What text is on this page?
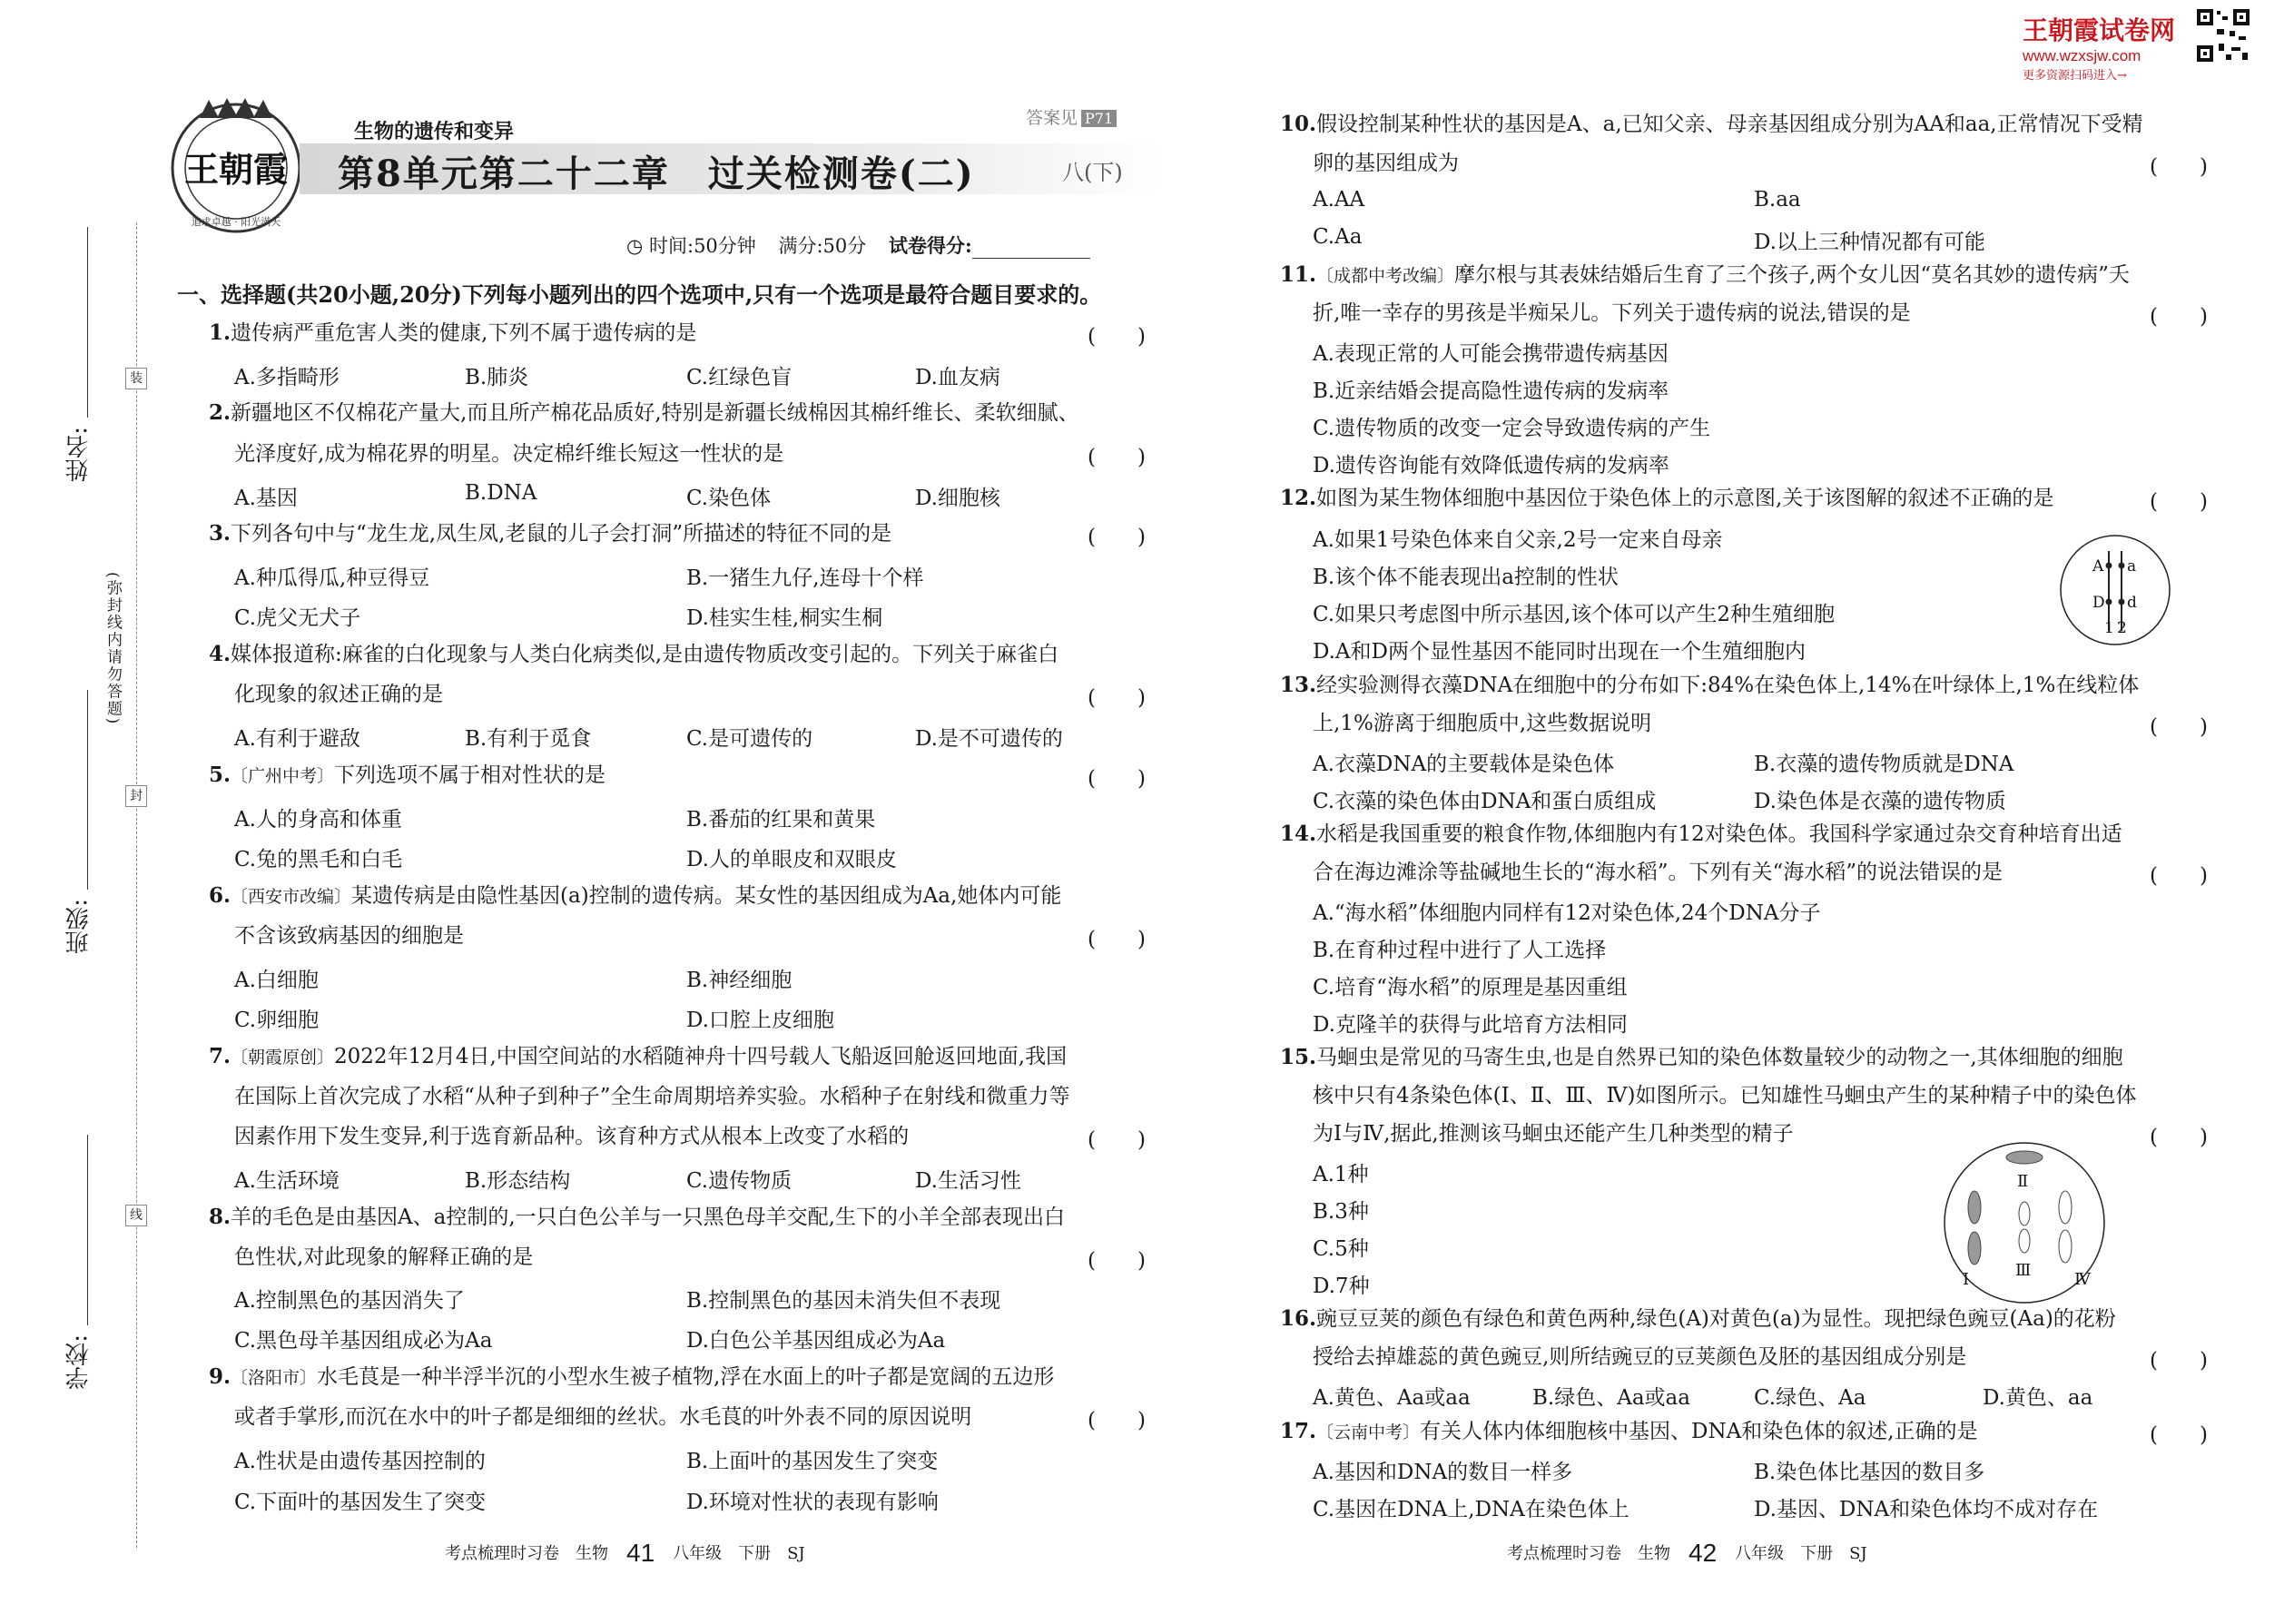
姓名:
班级:
学校:
(弥封线内请勿答题)
装
封
线
王朝霞
追求卓越 · 阳光满天
生物的遗传和变异
第8单元第二十二章　过关检测卷(二)
答案见 P71
八(下)
◷ 时间:50分钟 满分:50分 试卷得分:
一、选择题(共20小题,20分)下列每小题列出的四个选项中,只有一个选项是最符合题目要求的。
1.遗传病严重危害人类的健康,下列不属于遗传病的是	(　　)
A.多指畸形	B.肺炎	C.红绿色盲	D.血友病
2.新疆地区不仅棉花产量大,而且所产棉花品质好,特别是新疆长绒棉因其棉纤维长、柔软细腻、
光泽度好,成为棉花界的明星。决定棉纤维长短这一性状的是	(　　)
A.基因	B.DNA	C.染色体	D.细胞核
3.下列各句中与“龙生龙,凤生凤,老鼠的儿子会打洞”所描述的特征不同的是	(　　)
A.种瓜得瓜,种豆得豆	B.一猪生九仔,连母十个样
C.虎父无犬子	D.桂实生桂,桐实生桐
4.媒体报道称:麻雀的白化现象与人类白化病类似,是由遗传物质改变引起的。下列关于麻雀白
化现象的叙述正确的是	(　　)
A.有利于避敌	B.有利于觅食	C.是可遗传的	D.是不可遗传的
5.〔广州中考〕下列选项不属于相对性状的是	(　　)
A.人的身高和体重	B.番茄的红果和黄果
C.兔的黑毛和白毛	D.人的单眼皮和双眼皮
6.〔西安市改编〕某遗传病是由隐性基因(a)控制的遗传病。某女性的基因组成为Aa,她体内可能
不含该致病基因的细胞是	(　　)
A.白细胞	B.神经细胞
C.卵细胞	D.口腔上皮细胞
7.〔朝霞原创〕2022年12月4日,中国空间站的水稻随神舟十四号载人飞船返回舱返回地面,我国
在国际上首次完成了水稻“从种子到种子”全生命周期培养实验。水稻种子在射线和微重力等
因素作用下发生变异,利于选育新品种。该育种方式从根本上改变了水稻的	(　　)
A.生活环境	B.形态结构	C.遗传物质	D.生活习性
8.羊的毛色是由基因A、a控制的,一只白色公羊与一只黑色母羊交配,生下的小羊全部表现出白
色性状,对此现象的解释正确的是	(　　)
A.控制黑色的基因消失了	B.控制黑色的基因未消失但不表现
C.黑色母羊基因组成必为Aa	D.白色公羊基因组成必为Aa
9.〔洛阳市〕水毛茛是一种半浮半沉的小型水生被子植物,浮在水面上的叶子都是宽阔的五边形
或者手掌形,而沉在水中的叶子都是细细的丝状。水毛茛的叶外表不同的原因说明	(　　)
A.性状是由遗传基因控制的	B.上面叶的基因发生了突变
C.下面叶的基因发生了突变	D.环境对性状的表现有影响
考点梳理时习卷　生物 41 八年级　下册　SJ
王朝霞试卷网
www.wzxsjw.com
更多资源扫码进入→
10.假设控制某种性状的基因是A、a,已知父亲、母亲基因组成分别为AA和aa,正常情况下受精
卵的基因组成为	(　　)
A.AA	B.aa
C.Aa	D.以上三种情况都有可能
11.〔成都中考改编〕摩尔根与其表妹结婚后生育了三个孩子,两个女儿因“莫名其妙的遗传病”夭
折,唯一幸存的男孩是半痴呆儿。下列关于遗传病的说法,错误的是	(　　)
A.表现正常的人可能会携带遗传病基因
B.近亲结婚会提高隐性遗传病的发病率
C.遗传物质的改变一定会导致遗传病的产生
D.遗传咨询能有效降低遗传病的发病率
12.如图为某生物体细胞中基因位于染色体上的示意图,关于该图解的叙述不正确的是	(　　)
A.如果1号染色体来自父亲,2号一定来自母亲
B.该个体不能表现出a控制的性状
C.如果只考虑图中所示基因,该个体可以产生2种生殖细胞
D.A和D两个显性基因不能同时出现在一个生殖细胞内
A a
D d
1 2
13.经实验测得衣藻DNA在细胞中的分布如下:84%在染色体上,14%在叶绿体上,1%在线粒体
上,1%游离于细胞质中,这些数据说明	(　　)
A.衣藻DNA的主要载体是染色体	B.衣藻的遗传物质就是DNA
C.衣藻的染色体由DNA和蛋白质组成	D.染色体是衣藻的遗传物质
14.水稻是我国重要的粮食作物,体细胞内有12对染色体。我国科学家通过杂交育种培育出适
合在海边滩涂等盐碱地生长的“海水稻”。下列有关“海水稻”的说法错误的是	(　　)
A.“海水稻”体细胞内同样有12对染色体,24个DNA分子
B.在育种过程中进行了人工选择
C.培育“海水稻”的原理是基因重组
D.克隆羊的获得与此培育方法相同
15.马蛔虫是常见的马寄生虫,也是自然界已知的染色体数量较少的动物之一,其体细胞的细胞
核中只有4条染色体(Ⅰ、Ⅱ、Ⅲ、Ⅳ)如图所示。已知雄性马蛔虫产生的某种精子中的染色体
为Ⅰ与Ⅳ,据此,推测该马蛔虫还能产生几种类型的精子	(　　)
A.1种
B.3种
C.5种
D.7种	Ⅰ
Ⅱ
Ⅲ	Ⅳ
16.豌豆豆荚的颜色有绿色和黄色两种,绿色(A)对黄色(a)为显性。现把绿色豌豆(Aa)的花粉
授给去掉雄蕊的黄色豌豆,则所结豌豆的豆荚颜色及胚的基因组成分别是	(　　)
A.黄色、Aa或aa	B.绿色、Aa或aa	C.绿色、Aa	D.黄色、aa
17.〔云南中考〕有关人体内体细胞核中基因、DNA和染色体的叙述,正确的是	(　　)
A.基因和DNA的数目一样多	B.染色体比基因的数目多
C.基因在DNA上,DNA在染色体上	D.基因、DNA和染色体均不成对存在
考点梳理时习卷　生物 42 八年级　下册　SJ
